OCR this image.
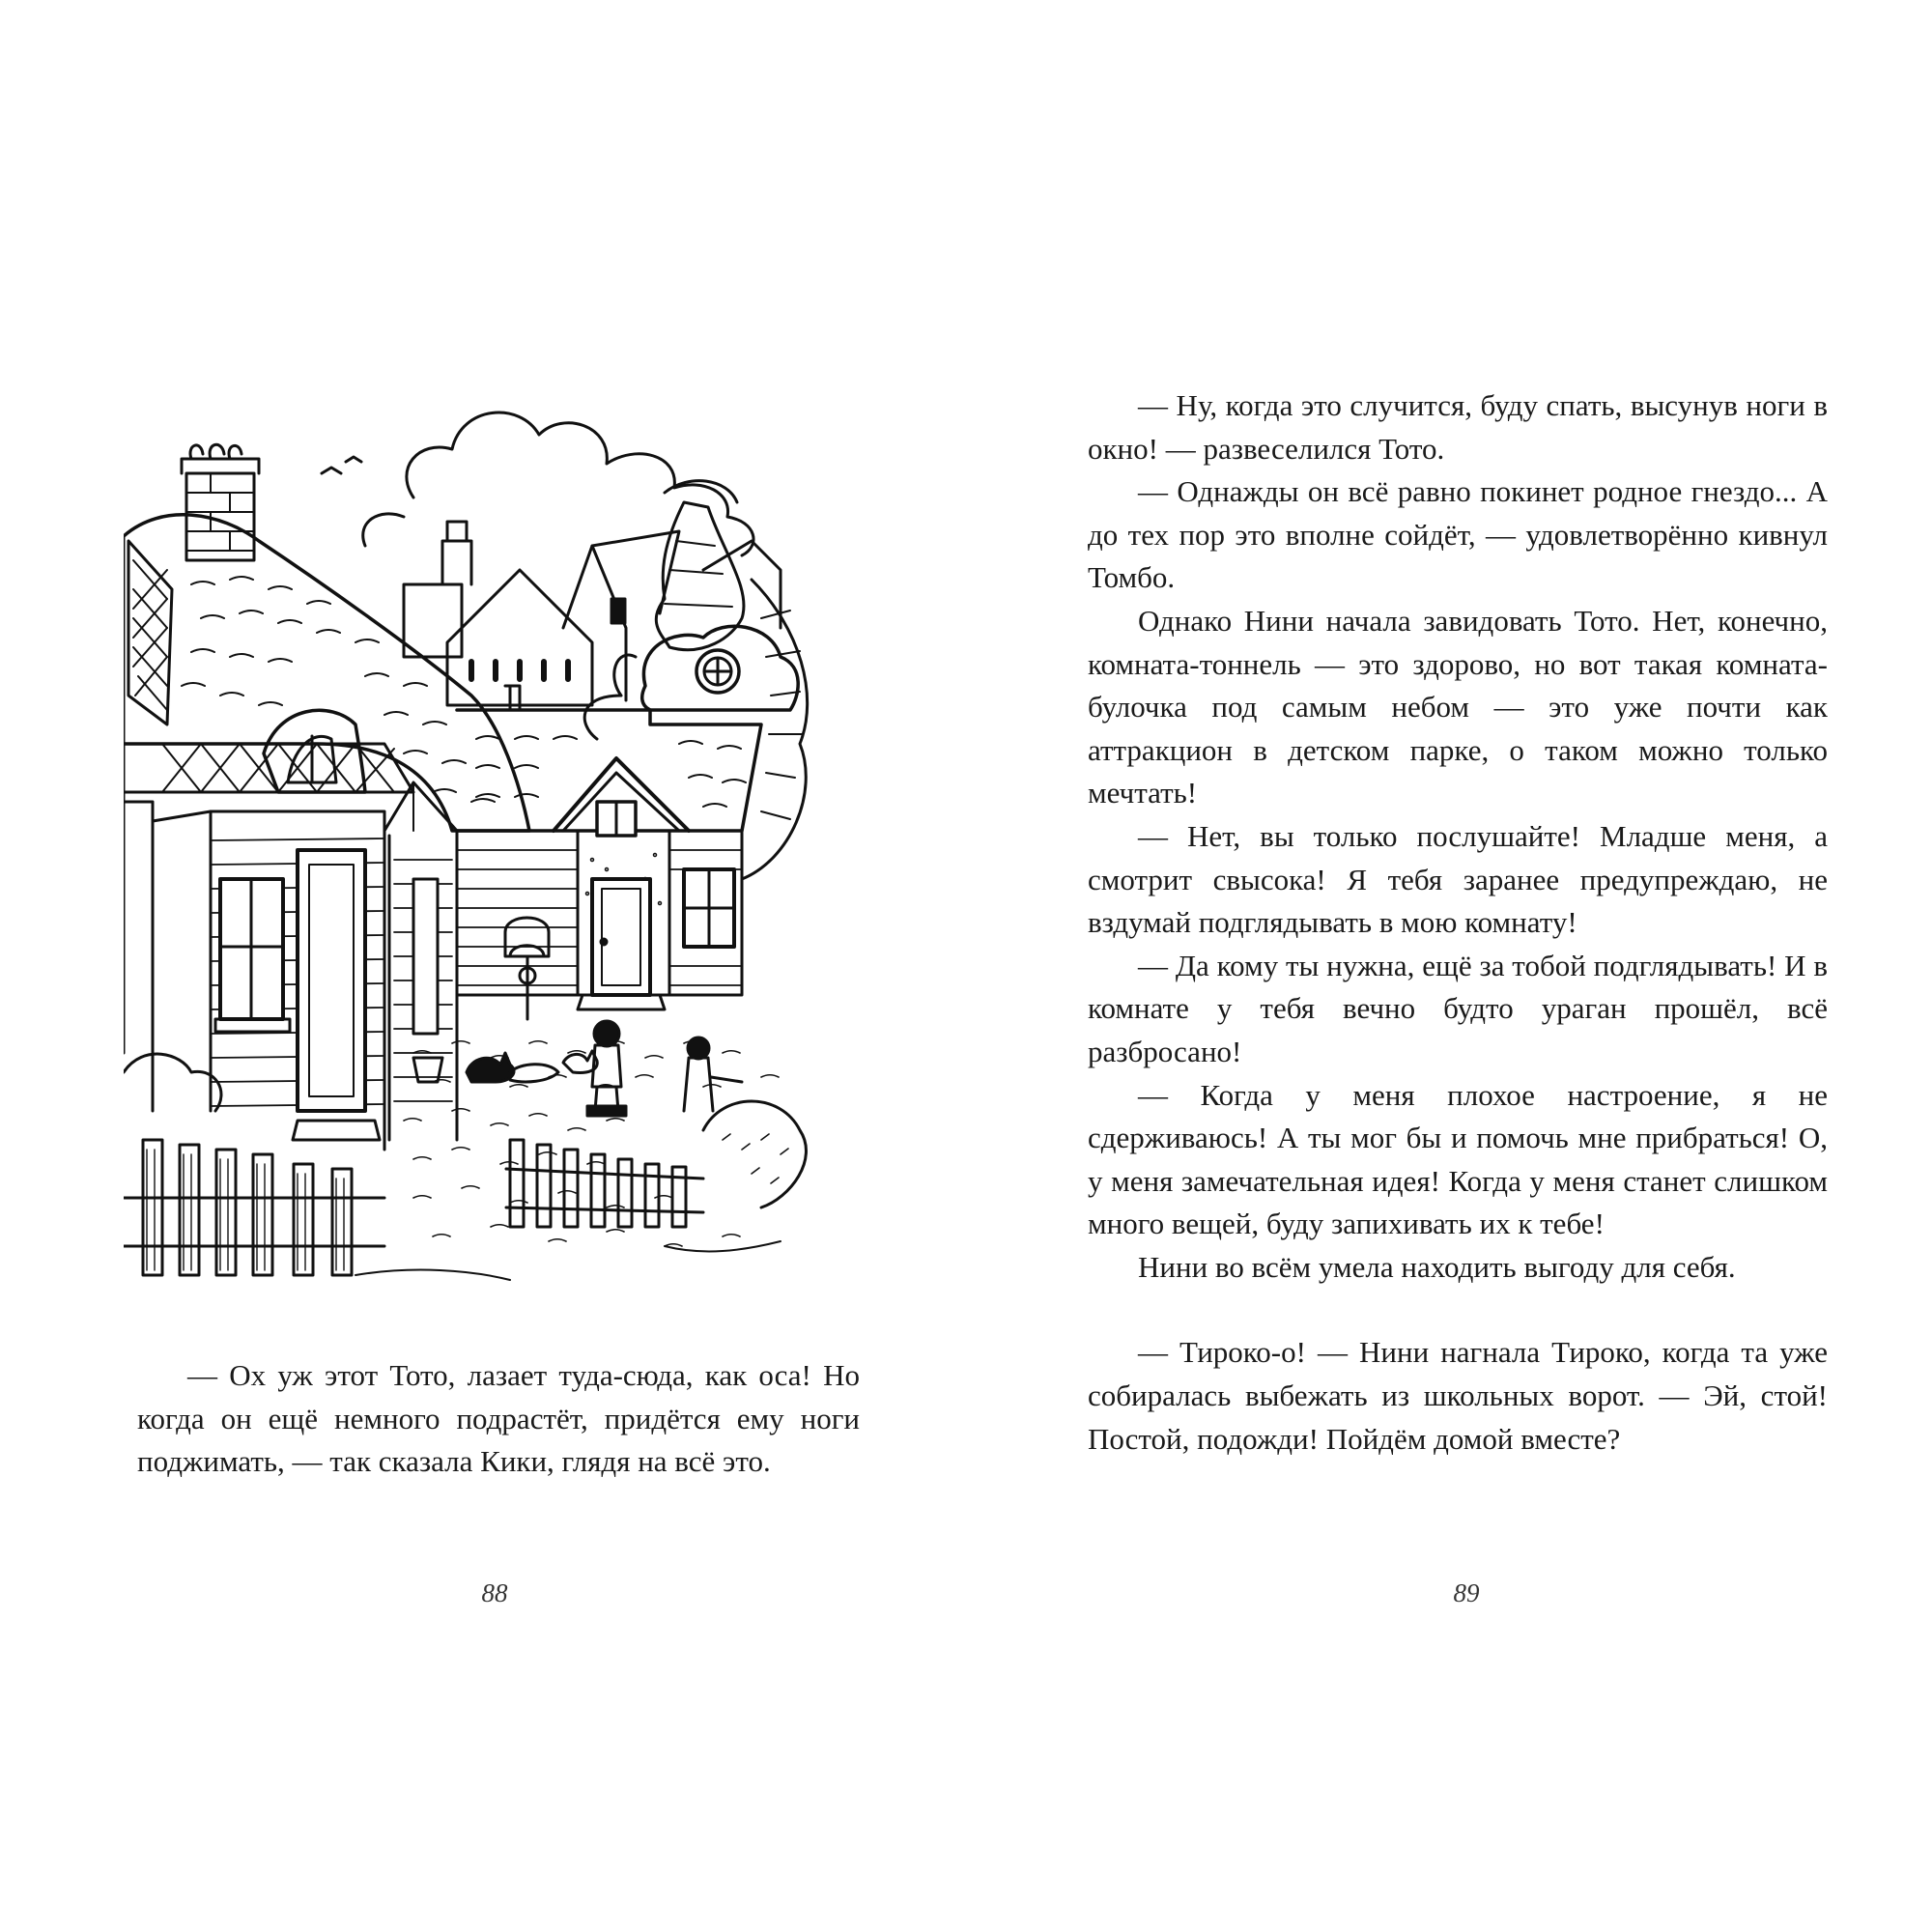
— Ох уж этот Тото, лазает туда-сюда, как оса! Но когда он ещё немного подрастёт, придётся ему ноги поджимать, — так сказала Кики, глядя на всё это.

88

— Ну, когда это случится, буду спать, высунув ноги в окно! — развеселился Тото.

— Однажды он всё равно покинет родное гнездо... А до тех пор это вполне сойдёт, — удовлетворённо кивнул Томбо.

Однако Нини начала завидовать Тото. Нет, конечно, комната-тоннель — это здорово, но вот такая комната-булочка под самым небом — это уже почти как аттракцион в детском парке, о таком можно только мечтать!

— Нет, вы только послушайте! Младше меня, а смотрит свысока! Я тебя заранее предупреждаю, не вздумай подглядывать в мою комнату!

— Да кому ты нужна, ещё за тобой подглядывать! И в комнате у тебя вечно будто ураган прошёл, всё разбросано!

— Когда у меня плохое настроение, я не сдерживаюсь! А ты мог бы и помочь мне прибраться! О, у меня замечательная идея! Когда у меня станет слишком много вещей, буду запихивать их к тебе!

Нини во всём умела находить выгоду для себя.

— Тироко-о! — Нини нагнала Тироко, когда та уже собиралась выбежать из школьных ворот. — Эй, стой! Постой, подожди! Пойдём домой вместе?

89
